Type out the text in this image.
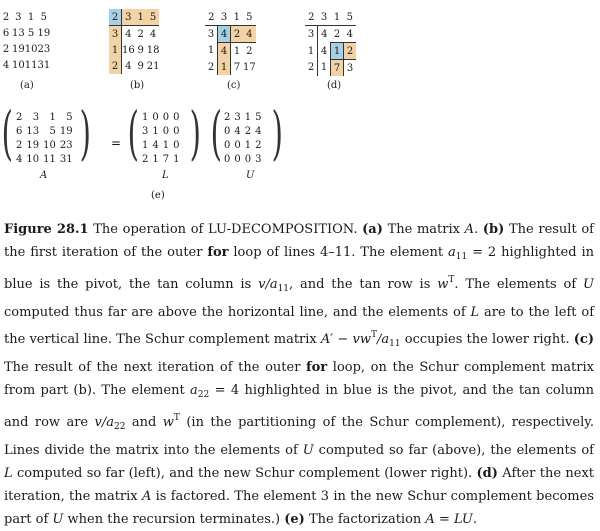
2	3	1	5
6	13	5	19
2	19	10	23
4	10	11	31
(a)
2	3	1	5
3	4	2	4
1	16	9	18
2	4	9	21
(b)
2	3	1	5
3	4	2	4
1	4	1	2
2	1	7	17
(c)
2	3	1	5
3	4	2	4
1	4	1	2
2	1	7	3
(d)
( 2	3	1	5
6	13	5	19
2	19	10	23
4	10	11	31 )
A
= ( 1	0	0	0
3	1	0	0
1	4	1	0
2	1	7	1 )
L
( 2	3	1	5
0	4	2	4
0	0	1	2
0	0	0	3 )
U
(e)
Figure 28.1 The operation of LU-DECOMPOSITION. (a) The matrix A. (b) The result of the first iteration of the outer for loop of lines 4–11. The element $a_{11} = 2$ highlighted in blue is the pivot, the tan column is $v/a_{11}$, and the tan row is $w^T$. The elements of U computed thus far are above the horizontal line, and the elements of L are to the left of the vertical line. The Schur complement matrix $A' - vw^T/a_{11}$ occupies the lower right. (c) The result of the next iteration of the outer for loop, on the Schur complement matrix from part (b). The element $a_{22} = 4$ highlighted in blue is the pivot, and the tan column and row are $v/a_{22}$ and $w^T$ (in the partitioning of the Schur complement), respectively. Lines divide the matrix into the elements of U computed so far (above), the elements of L computed so far (left), and the new Schur complement (lower right). (d) After the next iteration, the matrix A is factored. The element 3 in the new Schur complement becomes part of U when the recursion terminates.) (e) The factorization A = LU.
